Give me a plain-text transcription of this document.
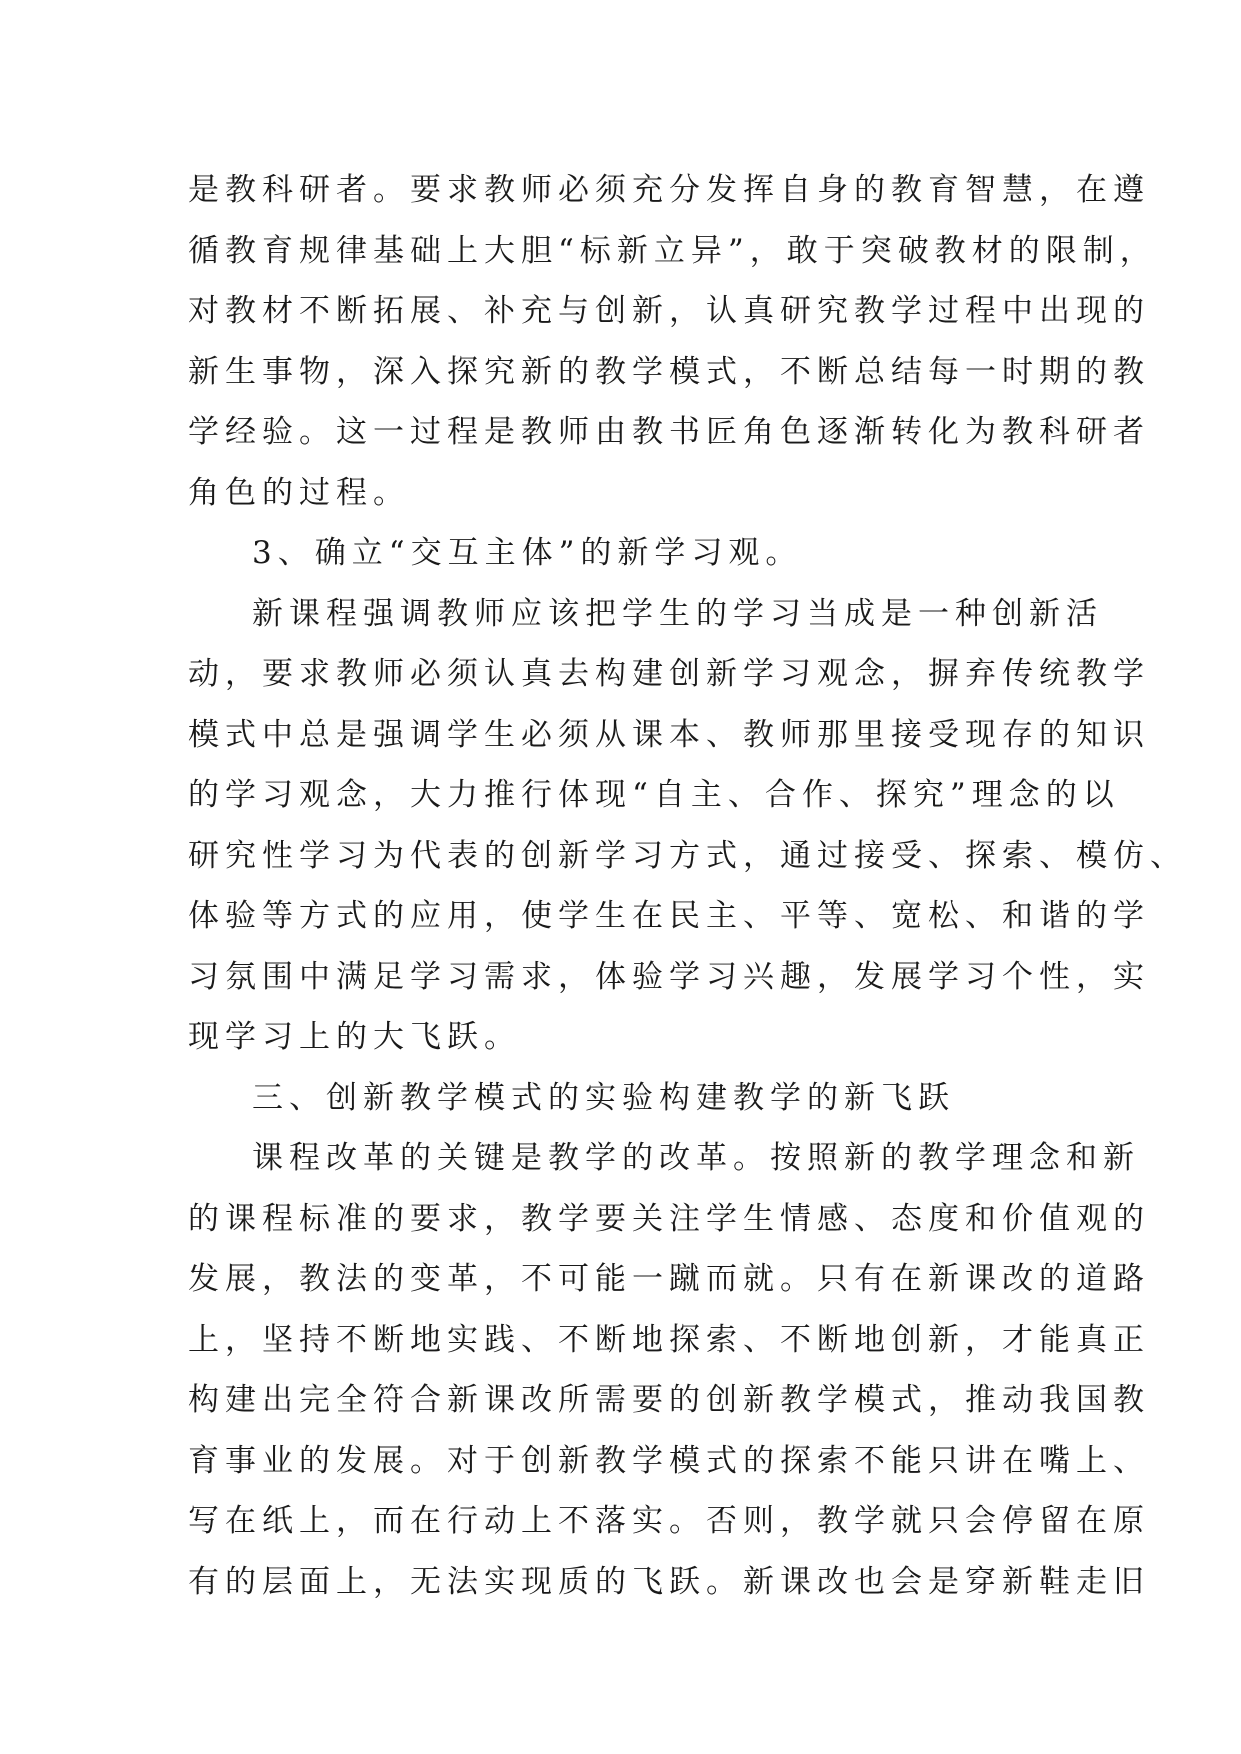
是教科研者。要求教师必须充分发挥自身的教育智慧，在遵
循教育规律基础上大胆“标新立异”，敢于突破教材的限制，
对教材不断拓展、补充与创新，认真研究教学过程中出现的
新生事物，深入探究新的教学模式，不断总结每一时期的教
学经验。这一过程是教师由教书匠角色逐渐转化为教科研者
角色的过程。

3、确立“交互主体”的新学习观。

新课程强调教师应该把学生的学习当成是一种创新活
动，要求教师必须认真去构建创新学习观念，摒弃传统教学
模式中总是强调学生必须从课本、教师那里接受现存的知识
的学习观念，大力推行体现“自主、合作、探究”理念的以
研究性学习为代表的创新学习方式，通过接受、探索、模仿、
体验等方式的应用，使学生在民主、平等、宽松、和谐的学
习氛围中满足学习需求，体验学习兴趣，发展学习个性，实
现学习上的大飞跃。

三、创新教学模式的实验构建教学的新飞跃

课程改革的关键是教学的改革。按照新的教学理念和新
的课程标准的要求，教学要关注学生情感、态度和价值观的
发展，教法的变革，不可能一蹴而就。只有在新课改的道路
上，坚持不断地实践、不断地探索、不断地创新，才能真正
构建出完全符合新课改所需要的创新教学模式，推动我国教
育事业的发展。对于创新教学模式的探索不能只讲在嘴上、
写在纸上，而在行动上不落实。否则，教学就只会停留在原
有的层面上，无法实现质的飞跃。新课改也会是穿新鞋走旧
